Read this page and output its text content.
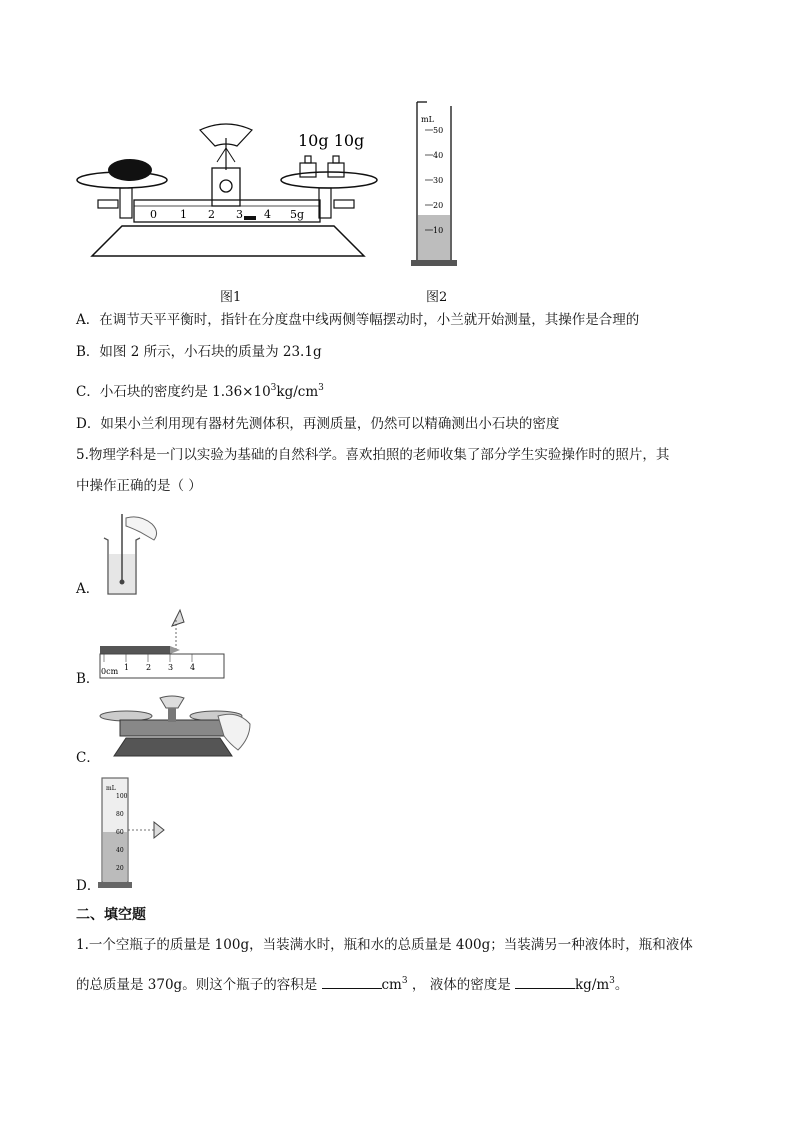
10g 10g
0 1 2 3 4 5g
mL
50
40
30
20
10
图1	图2
A．在调节天平平衡时，指针在分度盘中线两侧等幅摆动时，小兰就开始测量，其操作是合理的
B．如图 2 所示，小石块的质量为 23.1g
C．小石块的密度约是 $1.36\times 10^3kg/cm^3$
D．如果小兰利用现有器材先测体积，再测质量，仍然可以精确测出小石块的密度
5.物理学科是一门以实验为基础的自然科学。喜欢拍照的老师收集了部分学生实验操作时的照片，其
中操作正确的是（ ）
A．
0cm 1 2 3 4
B．
C．
mL
100
80
60
40
20
D．
二、填空题
1.一个空瓶子的质量是 100g，当装满水时，瓶和水的总质量是 400g；当装满另一种液体时，瓶和液体
的总质量是 370g。则这个瓶子的容积是	$cm^3$ ， 液体的密度是	$kg/m^3$。
